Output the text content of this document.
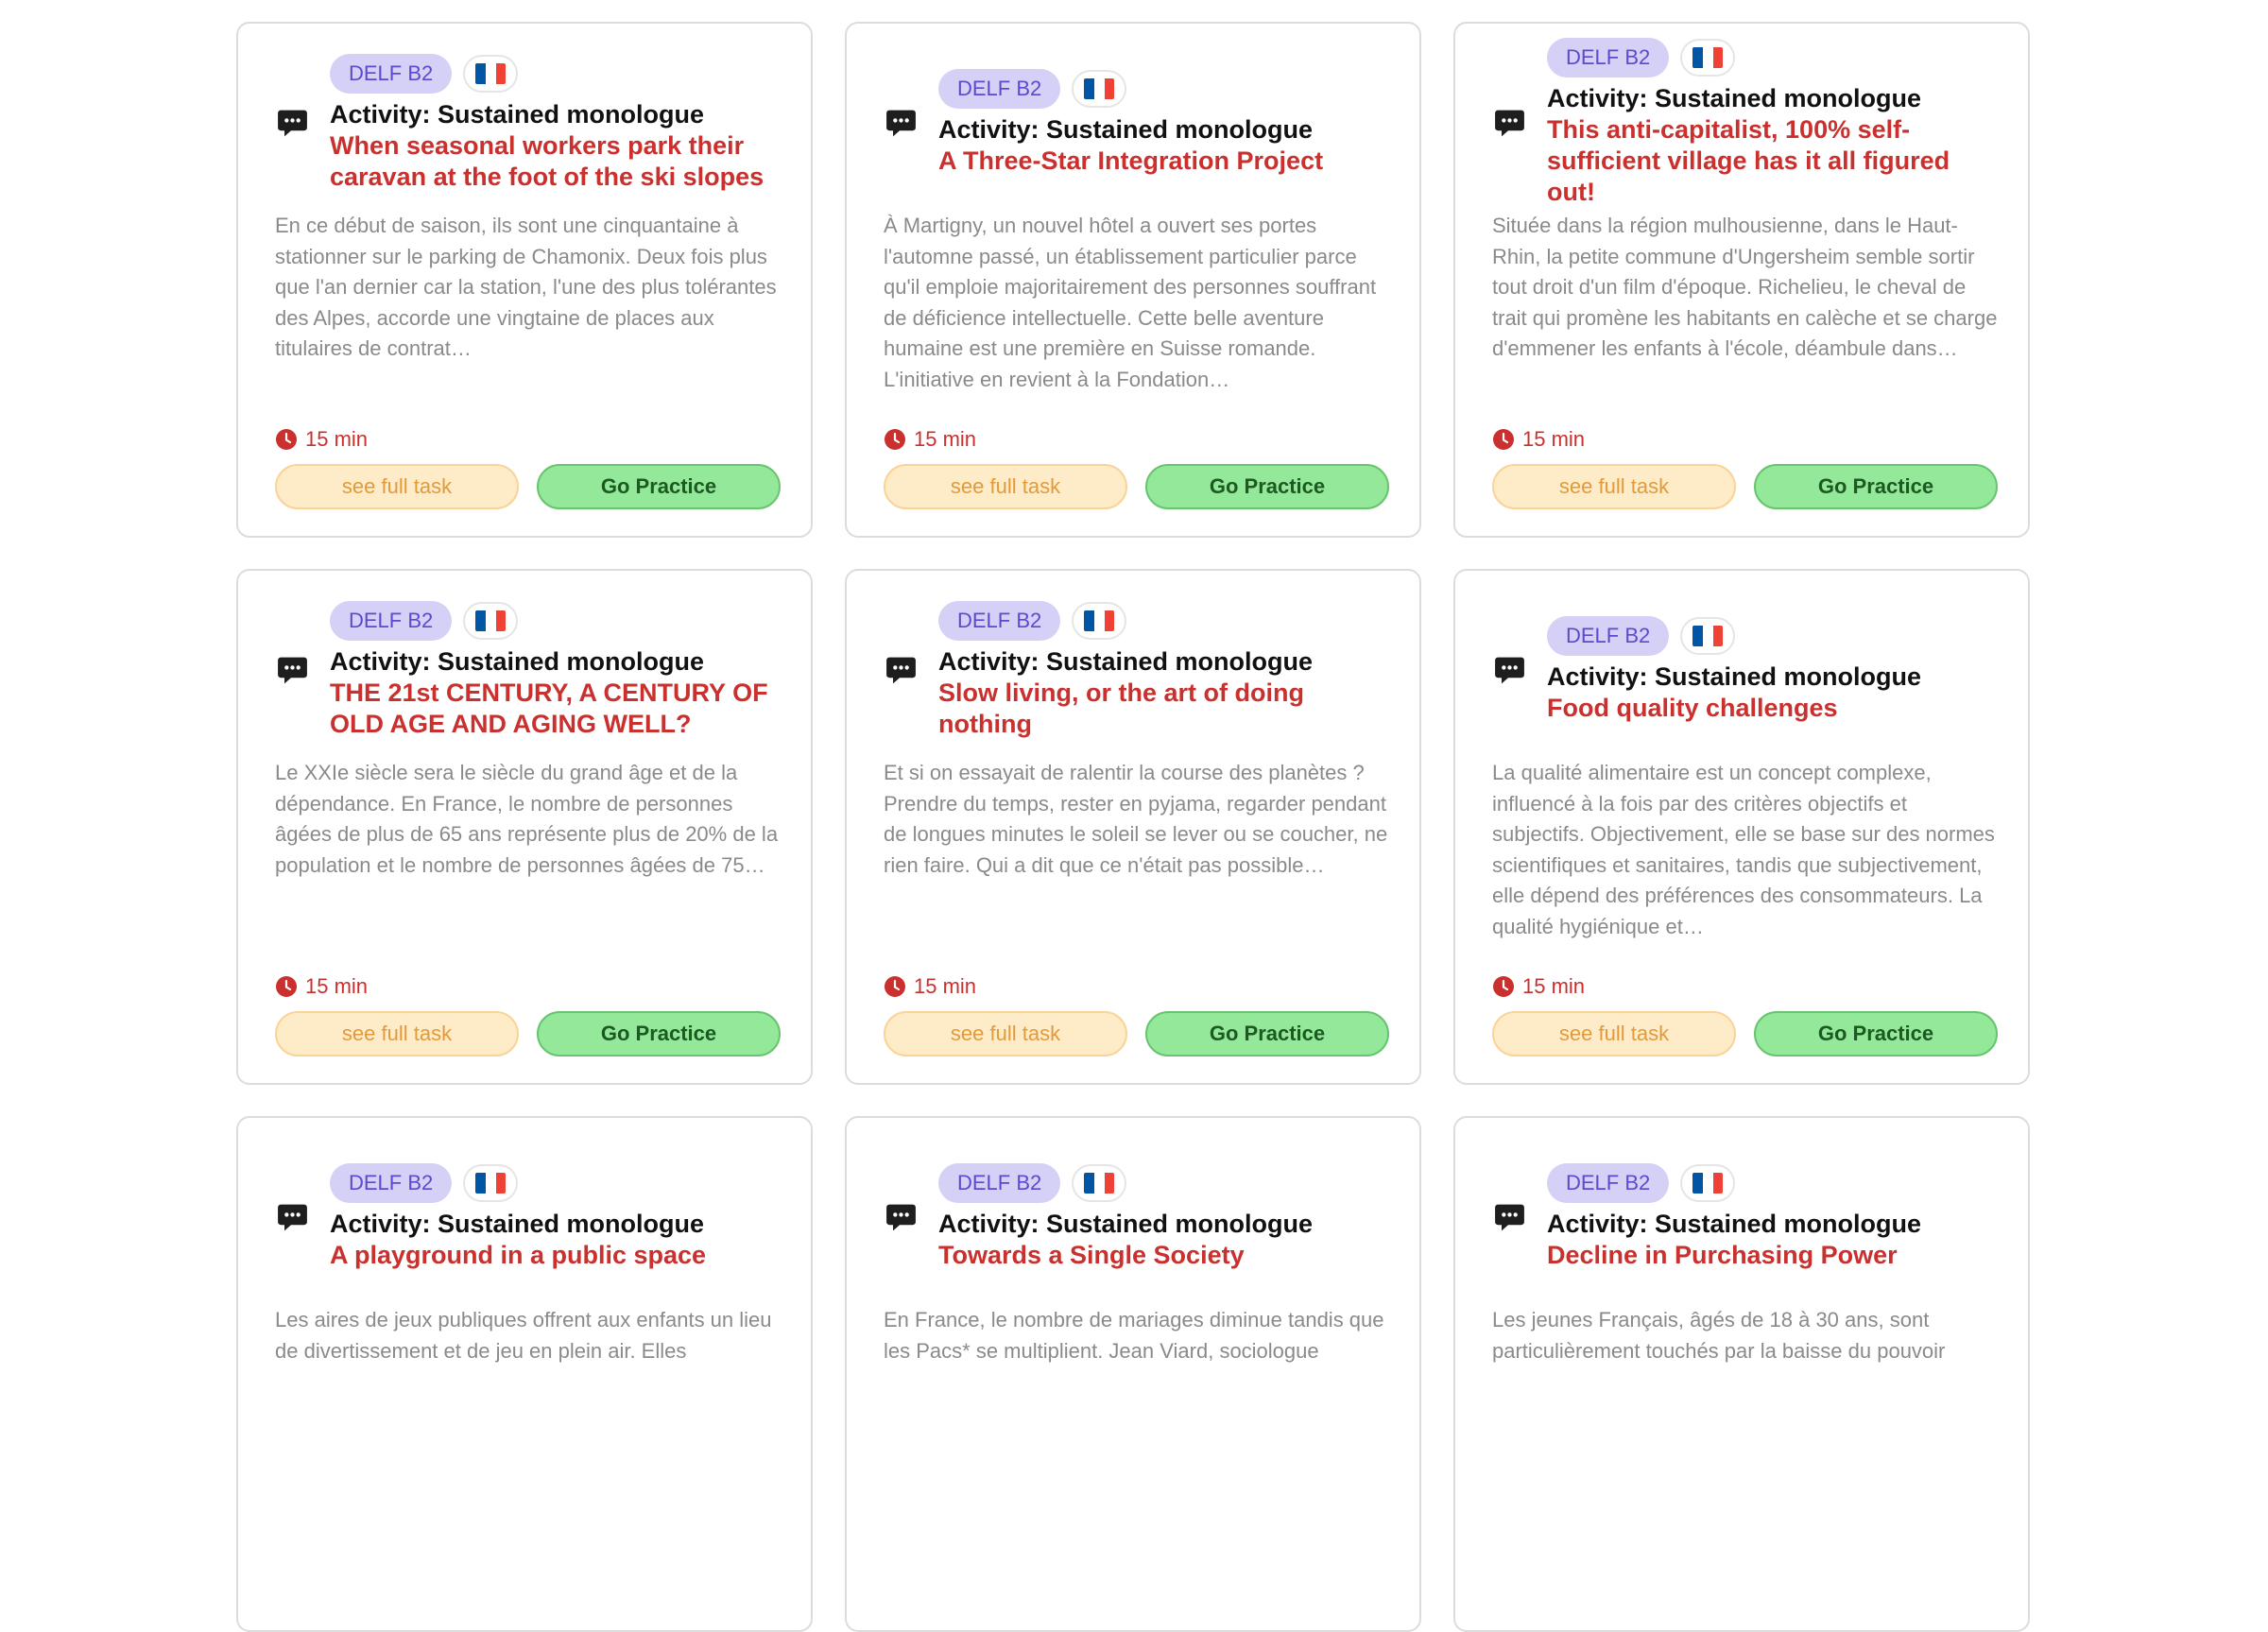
DELF B2
Activity: Sustained monologue
When seasonal workers park their caravan at the foot of the ski slopes
En ce début de saison, ils sont une cinquantaine à stationner sur le parking de Chamonix. Deux fois plus que l'an dernier car la station, l'une des plus tolérantes des Alpes, accorde une vingtaine de places aux titulaires de contrat…
15 min
see full task	Go Practice
DELF B2
Activity: Sustained monologue
A Three-Star Integration Project
À Martigny, un nouvel hôtel a ouvert ses portes l'automne passé, un établissement particulier parce qu'il emploie majoritairement des personnes souffrant de déficience intellectuelle. Cette belle aventure humaine est une première en Suisse romande. L'initiative en revient à la Fondation…
15 min
see full task	Go Practice
DELF B2
Activity: Sustained monologue
This anti-capitalist, 100% self-sufficient village has it all figured out!
Située dans la région mulhousienne, dans le Haut-Rhin, la petite commune d'Ungersheim semble sortir tout droit d'un film d'époque. Richelieu, le cheval de trait qui promène les habitants en calèche et se charge d'emmener les enfants à l'école, déambule dans…
15 min
see full task	Go Practice
DELF B2
Activity: Sustained monologue
THE 21st CENTURY, A CENTURY OF OLD AGE AND AGING WELL?
Le XXIe siècle sera le siècle du grand âge et de la dépendance. En France, le nombre de personnes âgées de plus de 65 ans représente plus de 20% de la population et le nombre de personnes âgées de 75…
15 min
see full task	Go Practice
DELF B2
Activity: Sustained monologue
Slow living, or the art of doing nothing
Et si on essayait de ralentir la course des planètes ? Prendre du temps, rester en pyjama, regarder pendant de longues minutes le soleil se lever ou se coucher, ne rien faire. Qui a dit que ce n'était pas possible…
15 min
see full task	Go Practice
DELF B2
Activity: Sustained monologue
Food quality challenges
La qualité alimentaire est un concept complexe, influencé à la fois par des critères objectifs et subjectifs. Objectivement, elle se base sur des normes scientifiques et sanitaires, tandis que subjectivement, elle dépend des préférences des consommateurs. La qualité hygiénique et…
15 min
see full task	Go Practice
DELF B2
Activity: Sustained monologue
A playground in a public space
Les aires de jeux publiques offrent aux enfants un lieu de divertissement et de jeu en plein air. Elles
DELF B2
Activity: Sustained monologue
Towards a Single Society
En France, le nombre de mariages diminue tandis que les Pacs* se multiplient. Jean Viard, sociologue
DELF B2
Activity: Sustained monologue
Decline in Purchasing Power
Les jeunes Français, âgés de 18 à 30 ans, sont particulièrement touchés par la baisse du pouvoir
